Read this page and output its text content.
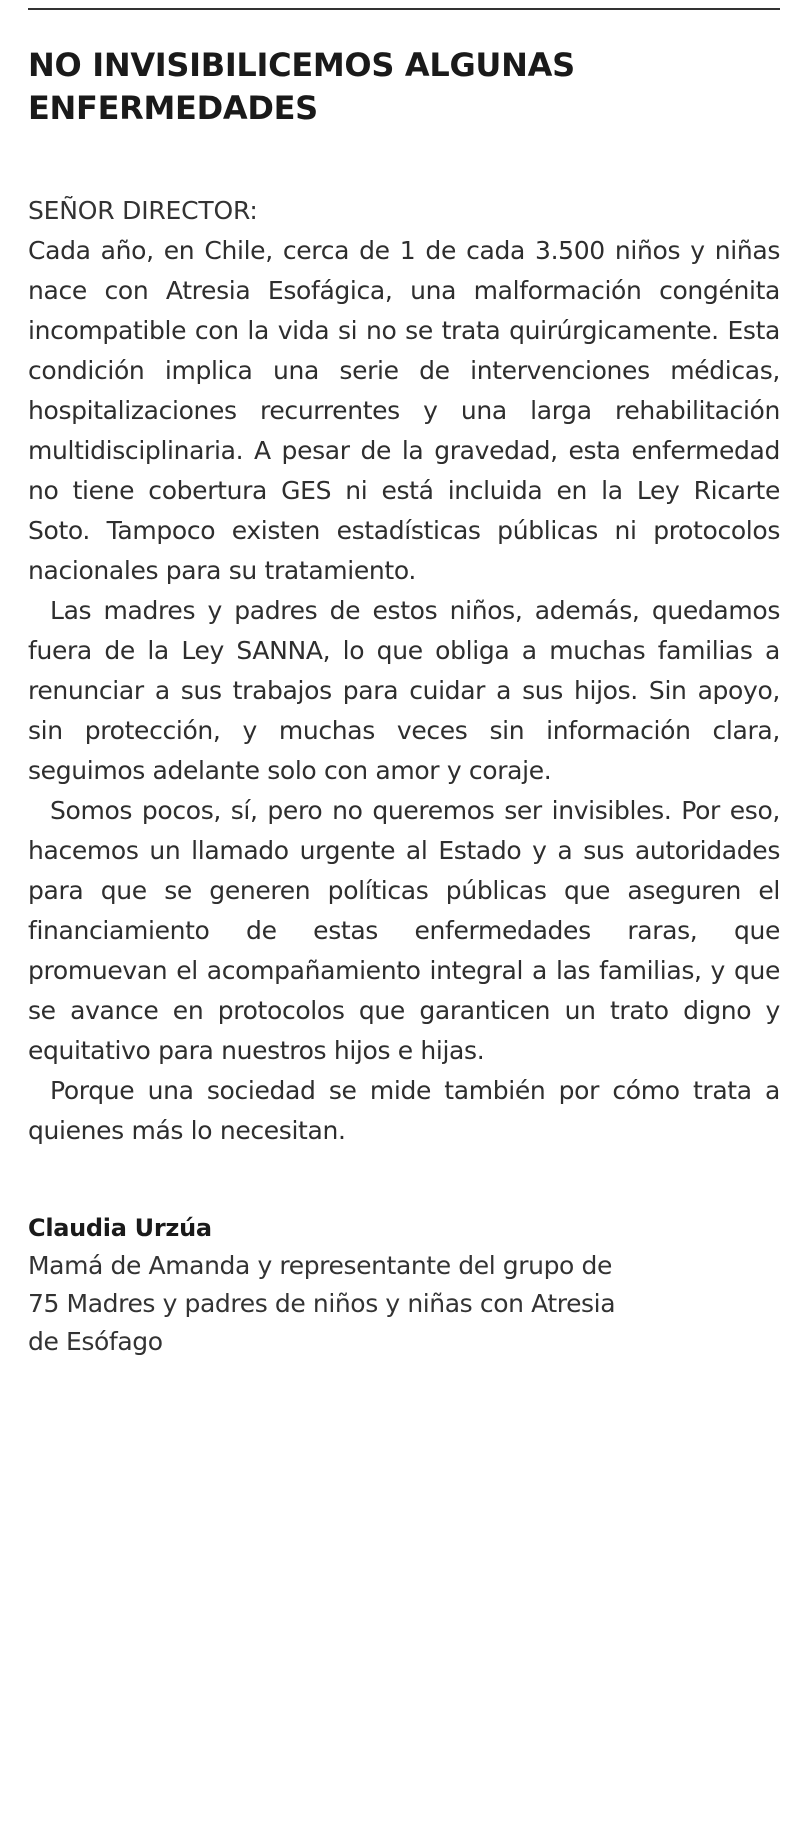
NO INVISIBILICEMOS ALGUNAS ENFERMEDADES
SEÑOR DIRECTOR:

Cada año, en Chile, cerca de 1 de cada 3.500 niños y niñas nace con Atresia Esofágica, una malformación congénita incompatible con la vida si no se trata quirúrgicamente. Esta condición implica una serie de intervenciones médicas, hospitalizaciones recurrentes y una larga rehabilitación multidisciplinaria. A pesar de la gravedad, esta enfermedad no tiene cobertura GES ni está incluida en la Ley Ricarte Soto. Tampoco existen estadísticas públicas ni protocolos nacionales para su tratamiento.

Las madres y padres de estos niños, además, quedamos fuera de la Ley SANNA, lo que obliga a muchas familias a renunciar a sus trabajos para cuidar a sus hijos. Sin apoyo, sin protección, y muchas veces sin información clara, seguimos adelante solo con amor y coraje.

Somos pocos, sí, pero no queremos ser invisibles. Por eso, hacemos un llamado urgente al Estado y a sus autoridades para que se generen políticas públicas que aseguren el financiamiento de estas enfermedades raras, que promuevan el acompañamiento integral a las familias, y que se avance en protocolos que garanticen un trato digno y equitativo para nuestros hijos e hijas.

Porque una sociedad se mide también por cómo trata a quienes más lo necesitan.

Claudia Urzúa
Mamá de Amanda y representante del grupo de 75 Madres y padres de niños y niñas con Atresia de Esófago
